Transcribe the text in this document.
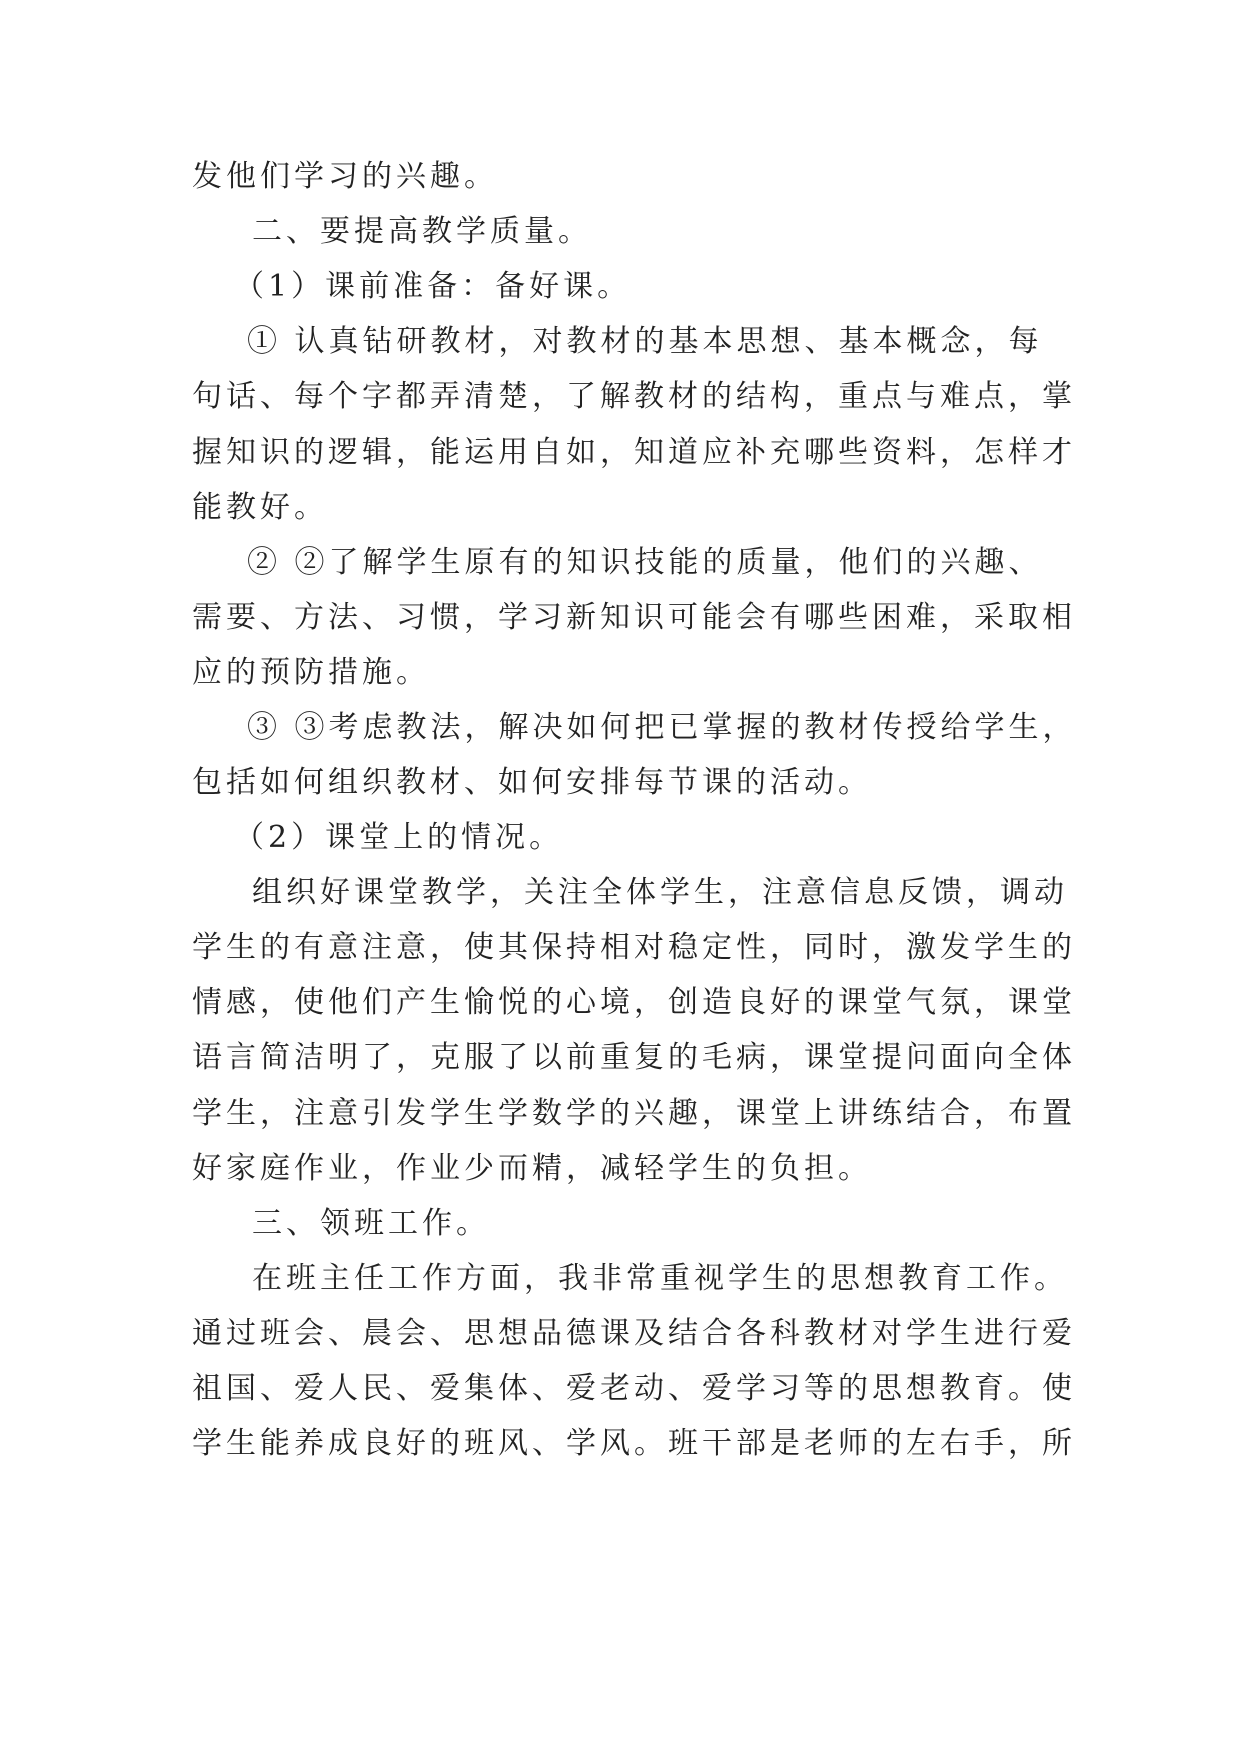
发他们学习的兴趣。
二、要提高教学质量。
（1）课前准备：备好课。
① 认真钻研教材，对教材的基本思想、基本概念，每
句话、每个字都弄清楚，了解教材的结构，重点与难点，掌
握知识的逻辑，能运用自如，知道应补充哪些资料，怎样才
能教好。
② ②了解学生原有的知识技能的质量，他们的兴趣、
需要、方法、习惯，学习新知识可能会有哪些困难，采取相
应的预防措施。
③ ③考虑教法，解决如何把已掌握的教材传授给学生，
包括如何组织教材、如何安排每节课的活动。
（2）课堂上的情况。
组织好课堂教学，关注全体学生，注意信息反馈，调动
学生的有意注意，使其保持相对稳定性，同时，激发学生的
情感，使他们产生愉悦的心境，创造良好的课堂气氛，课堂
语言简洁明了，克服了以前重复的毛病，课堂提问面向全体
学生，注意引发学生学数学的兴趣，课堂上讲练结合，布置
好家庭作业，作业少而精，减轻学生的负担。
三、领班工作。
在班主任工作方面，我非常重视学生的思想教育工作。
通过班会、晨会、思想品德课及结合各科教材对学生进行爱
祖国、爱人民、爱集体、爱老动、爱学习等的思想教育。使
学生能养成良好的班风、学风。班干部是老师的左右手，所
